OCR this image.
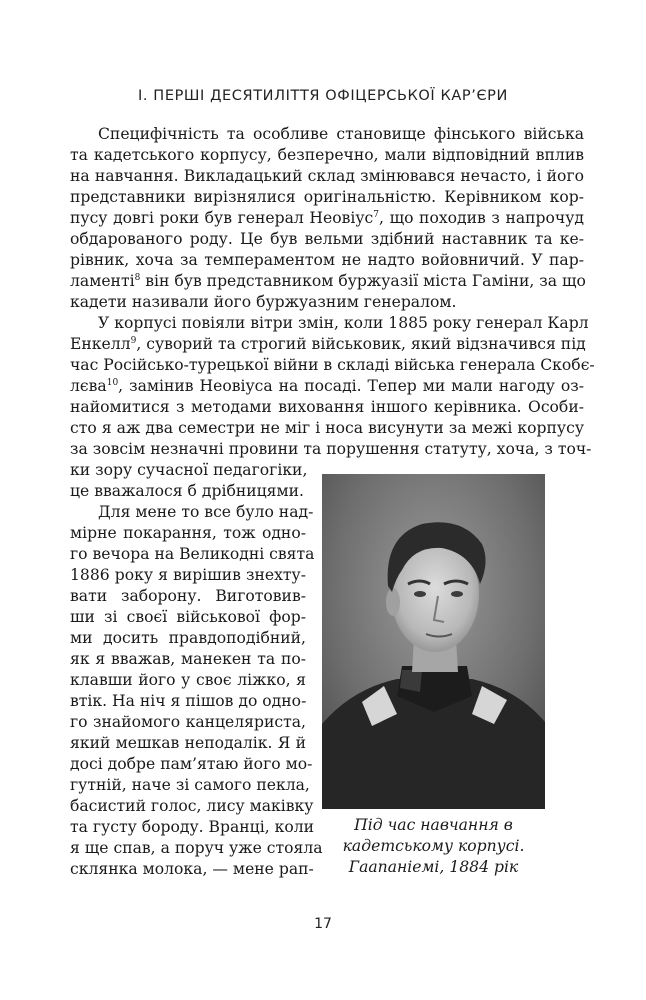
I. ПЕРШІ ДЕСЯТИЛІТТЯ ОФІЦЕРСЬКОЇ КАР’ЄРИ
Специфічність та особливе становище фінського війська
та кадетського корпусу, безперечно, мали відповідний вплив
на навчання. Викладацький склад змінювався нечасто, і його
представники вирізнялися оригінальністю. Керівником кор-
пусу довгі роки був генерал Неовіус$^7$, що походив з напрочуд
обдарованого роду. Це був вельми здібний наставник та ке-
рівник, хоча за темпераментом не надто войовничий. У пар-
ламенті$^8$ він був представником буржуазії міста Гаміни, за що
кадети називали його буржуазним генералом.
У корпусі повіяли вітри змін, коли 1885 року генерал Карл
Енкелл$^9$, суворий та строгий військовик, який відзначився під
час Російсько-турецької війни в складі війська генерала Скобє-
лєва$^{10}$, замінив Неовіуса на посаді. Тепер ми мали нагоду оз-
найомитися з методами виховання іншого керівника. Особи-
сто я аж два семестри не міг і носа висунути за межі корпусу
за зовсім незначні провини та порушення статуту, хоча, з точ-
ки зору сучасної педагогіки,
це вважалося б дрібницями.
Для мене то все було над-
мірне покарання, тож одно-
го вечора на Великодні свята
1886 року я вирішив знехту-
вати заборону. Виготовив-
ши зі своєї військової фор-
ми досить правдоподібний,
як я вважав, манекен та по-
клавши його у своє ліжко, я
втік. На ніч я пішов до одно-
го знайомого канцеляриста,
який мешкав неподалік. Я й
досі добре пам’ятаю його мо-
гутній, наче зі самого пекла,
басистий голос, лису маківку
та густу бороду. Вранці, коли
я ще спав, а поруч уже стояла
склянка молока, — мене рап-
Під час навчання в
кадетському корпусі.
Гаапаніемі, 1884 рік
17
